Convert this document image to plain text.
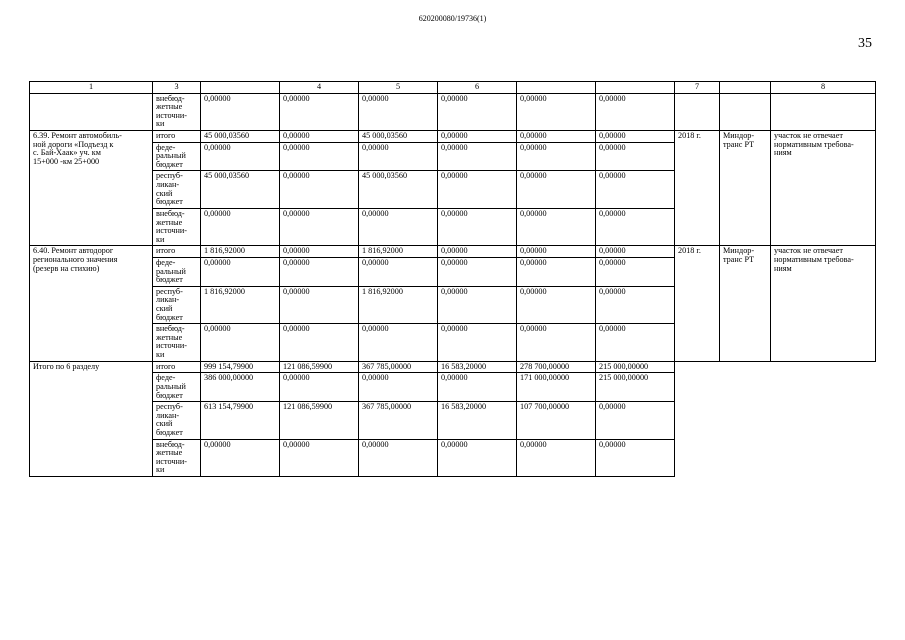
620200080/19736(1)
35
1	3		4	5	6			7		8
	внебюд-
жетные
источни-
ки	0,00000	0,00000	0,00000	0,00000	0,00000	0,00000			
6.39. Ремонт автомобиль-
ной дороги «Подъезд к
с. Бай-Хаак» уч. км
15+000 -км 25+000	итого	45 000,03560	0,00000	45 000,03560	0,00000	0,00000	0,00000	2018 г.	Миндор-
транс РТ	участок не отвечает
нормативным требова-
ниям
	феде-
ральный
бюджет	0,00000	0,00000	0,00000	0,00000	0,00000	0,00000			
	респуб-
ликан-
ский
бюджет	45 000,03560	0,00000	45 000,03560	0,00000	0,00000	0,00000			
	внебюд-
жетные
источни-
ки	0,00000	0,00000	0,00000	0,00000	0,00000	0,00000			
6.40. Ремонт автодорог
регионального значения
(резерв на стихию)	итого	1 816,92000	0,00000	1 816,92000	0,00000	0,00000	0,00000	2018 г.	Миндор-
транс РТ	участок не отвечает
нормативным требова-
ниям
	феде-
ральный
бюджет	0,00000	0,00000	0,00000	0,00000	0,00000	0,00000			
	респуб-
ликан-
ский
бюджет	1 816,92000	0,00000	1 816,92000	0,00000	0,00000	0,00000			
	внебюд-
жетные
источни-
ки	0,00000	0,00000	0,00000	0,00000	0,00000	0,00000			
Итого по 6 разделу	итого	999 154,79900	121 086,59900	367 785,00000	16 583,20000	278 700,00000	215 000,00000			
	феде-
ральный
бюджет	386 000,00000	0,00000	0,00000	0,00000	171 000,00000	215 000,00000			
	респуб-
ликан-
ский
бюджет	613 154,79900	121 086,59900	367 785,00000	16 583,20000	107 700,00000	0,00000			
	внебюд-
жетные
источни-
ки	0,00000	0,00000	0,00000	0,00000	0,00000	0,00000			
